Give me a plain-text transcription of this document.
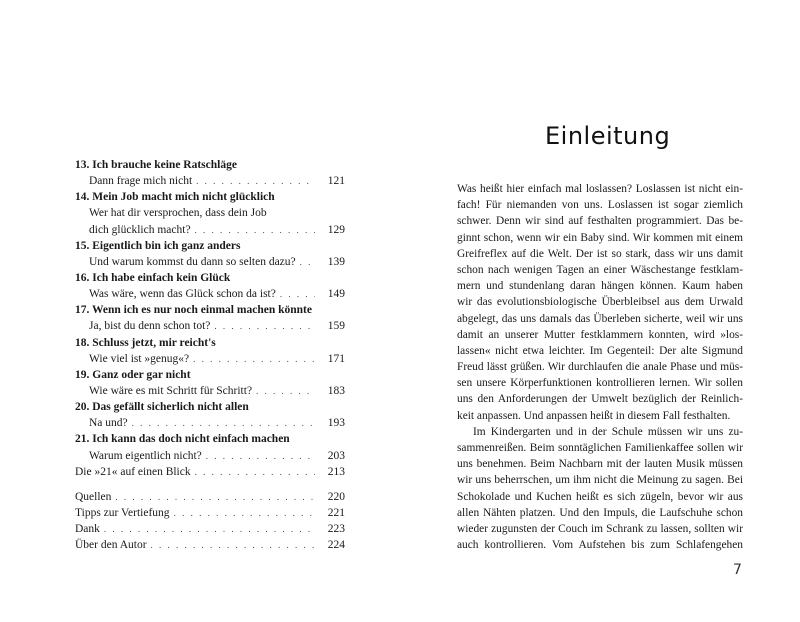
13. Ich brauche keine Ratschläge
Dann frage mich nicht . . .	121
14. Mein Job macht mich nicht glücklich
Wer hat dir versprochen, dass dein Job
dich glücklich macht? . . .	129
15. Eigentlich bin ich ganz anders
Und warum kommst du dann so selten dazu? . . .	139
16. Ich habe einfach kein Glück
Was wäre, wenn das Glück schon da ist? . . .	149
17. Wenn ich es nur noch einmal machen könnte
Ja, bist du denn schon tot? . . .	159
18. Schluss jetzt, mir reicht's
Wie viel ist »genug«? . . .	171
19. Ganz oder gar nicht
Wie wäre es mit Schritt für Schritt? . . .	183
20. Das gefällt sicherlich nicht allen
Na und? . . .	193
21. Ich kann das doch nicht einfach machen
Warum eigentlich nicht? . . .	203
Die »21« auf einen Blick . . .	213
Quellen . . .	220
Tipps zur Vertiefung . . .	221
Dank . . .	223
Über den Autor . . .	224
Einleitung
Was heißt hier einfach mal loslassen? Loslassen ist nicht ein-
fach! Für niemanden von uns. Loslassen ist sogar ziemlich
schwer. Denn wir sind auf festhalten programmiert. Das be-
ginnt schon, wenn wir ein Baby sind. Wir kommen mit einem
Greifreflex auf die Welt. Der ist so stark, dass wir uns damit
schon nach wenigen Tagen an einer Wäschestange festklam-
mern und stundenlang daran hängen können. Kaum haben
wir das evolutionsbiologische Überbleibsel aus dem Urwald
abgelegt, das uns damals das Überleben sicherte, weil wir uns
damit an unserer Mutter festklammern konnten, wird »los-
lassen« nicht etwa leichter. Im Gegenteil: Der alte Sigmund
Freud lässt grüßen. Wir durchlaufen die anale Phase und müs-
sen unsere Körperfunktionen kontrollieren lernen. Wir sollen
uns den Anforderungen der Umwelt bezüglich der Reinlich-
keit anpassen. Und anpassen heißt in diesem Fall festhalten.
Im Kindergarten und in der Schule müssen wir uns zu-
sammenreißen. Beim sonntäglichen Familienkaffee sollen wir
uns benehmen. Beim Nachbarn mit der lauten Musik müssen
wir uns beherrschen, um ihm nicht die Meinung zu sagen. Bei
Schokolade und Kuchen heißt es sich zügeln, bevor wir aus
allen Nähten platzen. Und den Impuls, die Laufschuhe schon
wieder zugunsten der Couch im Schrank zu lassen, sollten wir
auch kontrollieren. Vom Aufstehen bis zum Schlafengehen
7
